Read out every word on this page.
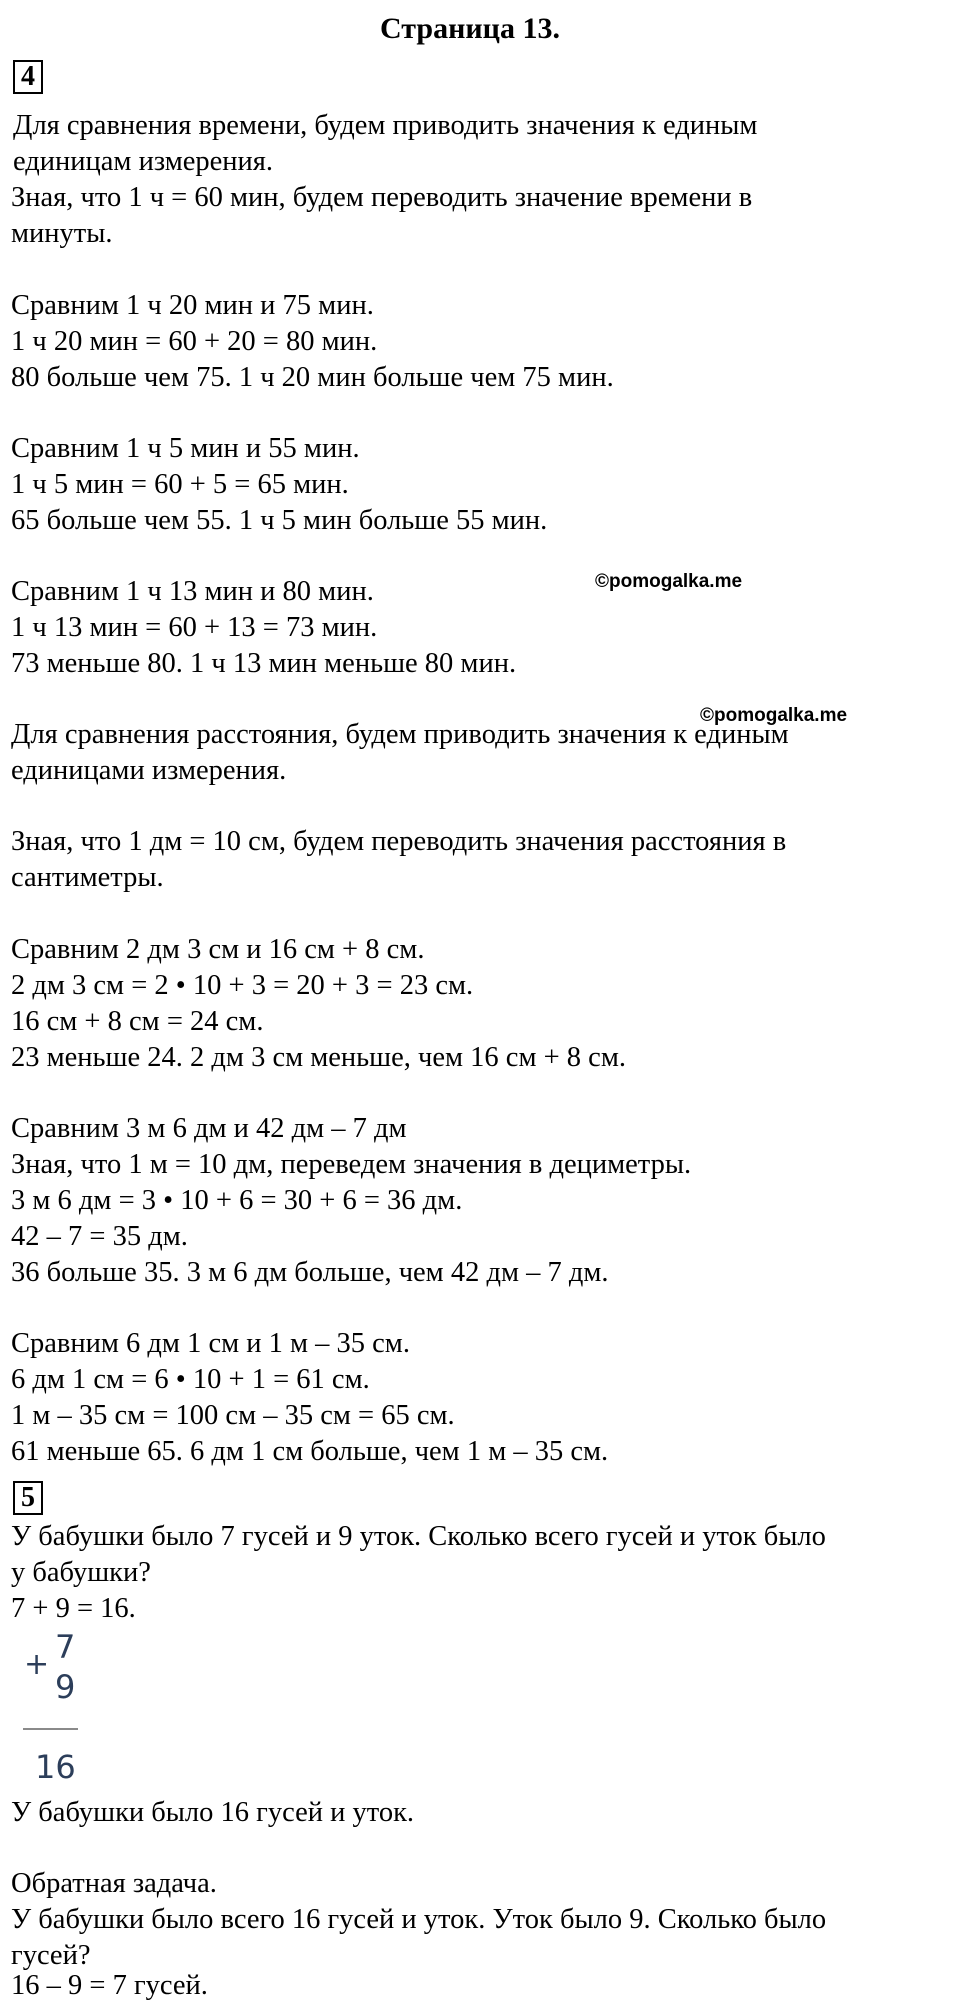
Страница 13.
4
Для сравнения времени, будем приводить значения к единым
единицам измерения.
Зная, что 1 ч = 60 мин, будем переводить значение времени в
минуты.
Сравним 1 ч 20 мин и 75 мин.
1 ч 20 мин = 60 + 20 = 80 мин.
80 больше чем 75. 1 ч 20 мин больше чем 75 мин.
Сравним 1 ч 5 мин и 55 мин.
1 ч 5 мин = 60 + 5 = 65 мин.
65 больше чем 55. 1 ч 5 мин больше 55 мин.
©pomogalka.me
Сравним 1 ч 13 мин и 80 мин.
1 ч 13 мин = 60 + 13 = 73 мин.
73 меньше 80. 1 ч 13 мин меньше 80 мин.
©pomogalka.me
Для сравнения расстояния, будем приводить значения к единым
единицами измерения.
Зная, что 1 дм = 10 см, будем переводить значения расстояния в
сантиметры.
Сравним 2 дм 3 см и 16 см + 8 см.
2 дм 3 см = 2 • 10 + 3 = 20 + 3 = 23 см.
16 см + 8 см = 24 см.
23 меньше 24. 2 дм 3 см меньше, чем 16 см + 8 см.
Сравним 3 м 6 дм и 42 дм – 7 дм
Зная, что 1 м = 10 дм, переведем значения в дециметры.
3 м 6 дм = 3 • 10 + 6 = 30 + 6 = 36 дм.
42 – 7 = 35 дм.
36 больше 35. 3 м 6 дм больше, чем 42 дм – 7 дм.
Сравним 6 дм 1 см и 1 м – 35 см.
6 дм 1 см = 6 • 10 + 1 = 61 см.
1 м – 35 см = 100 см – 35 см = 65 см.
61 меньше 65. 6 дм 1 см больше, чем 1 м – 35 см.
5
У бабушки было 7 гусей и 9 уток. Сколько всего гусей и уток было
у бабушки?
7 + 9 = 16.
+ 7
9
16
У бабушки было 16 гусей и уток.
Обратная задача.
У бабушки было всего 16 гусей и уток. Уток было 9. Сколько было
гусей?
16 – 9 = 7 гусей.
